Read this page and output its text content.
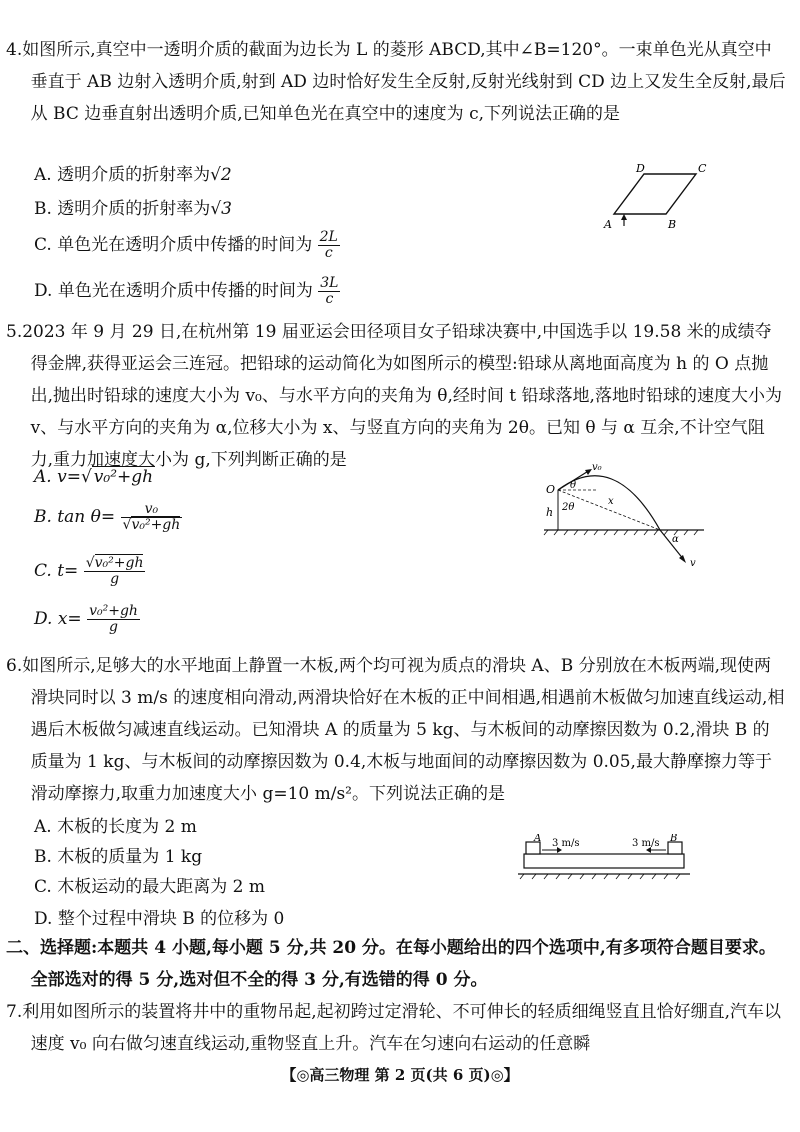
4.如图所示,真空中一透明介质的截面为边长为 L 的菱形 ABCD,其中∠B=120°。一束单色光从真空中垂直于 AB 边射入透明介质,射到 AD 边时恰好发生全反射,反射光线射到 CD 边上又发生全反射,最后从 BC 边垂直射出透明介质,已知单色光在真空中的速度为 c,下列说法正确的是

A. 透明介质的折射率为√2
B. 透明介质的折射率为√3
C. 单色光在透明介质中传播的时间为 $\frac{2L}{c}$
D. 单色光在透明介质中传播的时间为 $\frac{3L}{c}$
A	B
C
D

5.2023 年 9 月 29 日,在杭州第 19 届亚运会田径项目女子铅球决赛中,中国选手以 19.58 米的成绩夺得金牌,获得亚运会三连冠。把铅球的运动简化为如图所示的模型:铅球从离地面高度为 h 的 O 点抛出,抛出时铅球的速度大小为 v₀、与水平方向的夹角为 θ,经时间 t 铅球落地,落地时铅球的速度大小为 v、与水平方向的夹角为 α,位移大小为 x、与竖直方向的夹角为 2θ。已知 θ 与 α 互余,不计空气阻力,重力加速度大小为 g,下列判断正确的是

A. v=√ v₀²+gh
B. $\tan \theta= \frac{\text{v₀}}{\text{√v₀²+gh}}$
C. $t= \frac{\text{√v₀²+gh}}{g}$
D. $x= \frac{\text{v₀²+gh}}{g}$
O
v₀
θ
2θ
h
x
α
v

6.如图所示,足够大的水平地面上静置一木板,两个均可视为质点的滑块 A、B 分别放在木板两端,现使两滑块同时以 3 m/s 的速度相向滑动,两滑块恰好在木板的正中间相遇,相遇前木板做匀加速直线运动,相遇后木板做匀减速直线运动。已知滑块 A 的质量为 5 kg、与木板间的动摩擦因数为 0.2,滑块 B 的质量为 1 kg、与木板间的动摩擦因数为 0.4,木板与地面间的动摩擦因数为 0.05,最大静摩擦力等于滑动摩擦力,取重力加速度大小 g=10 m/s²。下列说法正确的是

A. 木板的长度为 2 m
B. 木板的质量为 1 kg
C. 木板运动的最大距离为 2 m
D. 整个过程中滑块 B 的位移为 0
A	B
3 m/s	3 m/s

二、选择题:本题共 4 小题,每小题 5 分,共 20 分。在每小题给出的四个选项中,有多项符合题目要求。全部选对的得 5 分,选对但不全的得 3 分,有选错的得 0 分。

7.利用如图所示的装置将井中的重物吊起,起初跨过定滑轮、不可伸长的轻质细绳竖直且恰好绷直,汽车以速度 v₀ 向右做匀速直线运动,重物竖直上升。汽车在匀速向右运动的任意瞬

【◎高三物理 第 2 页(共 6 页)◎】
